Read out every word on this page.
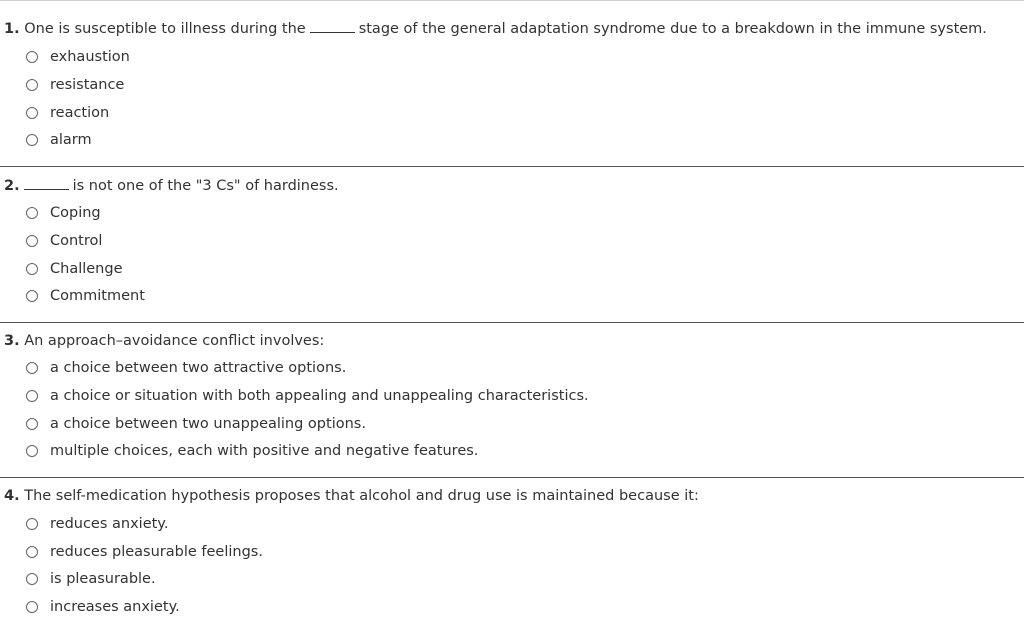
1. One is susceptible to illness during the	stage of the general adaptation syndrome due to a breakdown in the immune system.
exhaustion
resistance
reaction
alarm
2.	is not one of the "3 Cs" of hardiness.
Coping
Control
Challenge
Commitment
3. An approach–avoidance conflict involves:
a choice between two attractive options.
a choice or situation with both appealing and unappealing characteristics.
a choice between two unappealing options.
multiple choices, each with positive and negative features.
4. The self-medication hypothesis proposes that alcohol and drug use is maintained because it:
reduces anxiety.
reduces pleasurable feelings.
is pleasurable.
increases anxiety.
